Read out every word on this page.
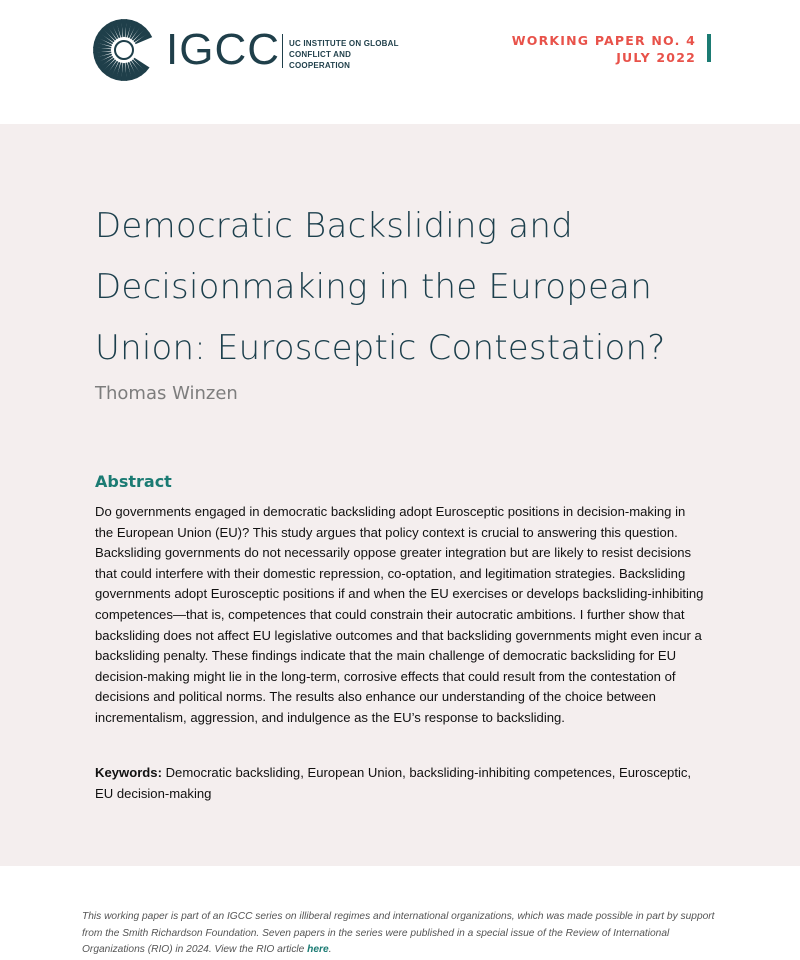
IGCC UC INSTITUTE ON GLOBAL
CONFLICT AND COOPERATION
WORKING PAPER NO. 4
JULY 2022
Democratic Backsliding and
Decisionmaking in the European
Union: Eurosceptic Contestation?
Thomas Winzen
Abstract

Do governments engaged in democratic backsliding adopt Eurosceptic positions in decision-making in the European Union (EU)? This study argues that policy context is crucial to answering this question. Backsliding governments do not necessarily oppose greater integration but are likely to resist decisions that could interfere with their domestic repression, co-optation, and legitimation strategies. Backsliding governments adopt Eurosceptic positions if and when the EU exercises or develops backsliding-inhibiting competences—that is, competences that could constrain their autocratic ambitions. I further show that backsliding does not affect EU legislative outcomes and that backsliding governments might even incur a backsliding penalty. These findings indicate that the main challenge of democratic backsliding for EU decision-making might lie in the long-term, corrosive effects that could result from the contestation of decisions and political norms. The results also enhance our understanding of the choice between incrementalism, aggression, and indulgence as the EU’s response to backsliding.

Keywords: Democratic backsliding, European Union, backsliding-inhibiting competences, Eurosceptic, EU decision-making

This working paper is part of an IGCC series on illiberal regimes and international organizations, which was made possible in part by support from the Smith Richardson Foundation. Seven papers in the series were published in a special issue of the Review of International Organizations (RIO) in 2024. View the RIO article here.
